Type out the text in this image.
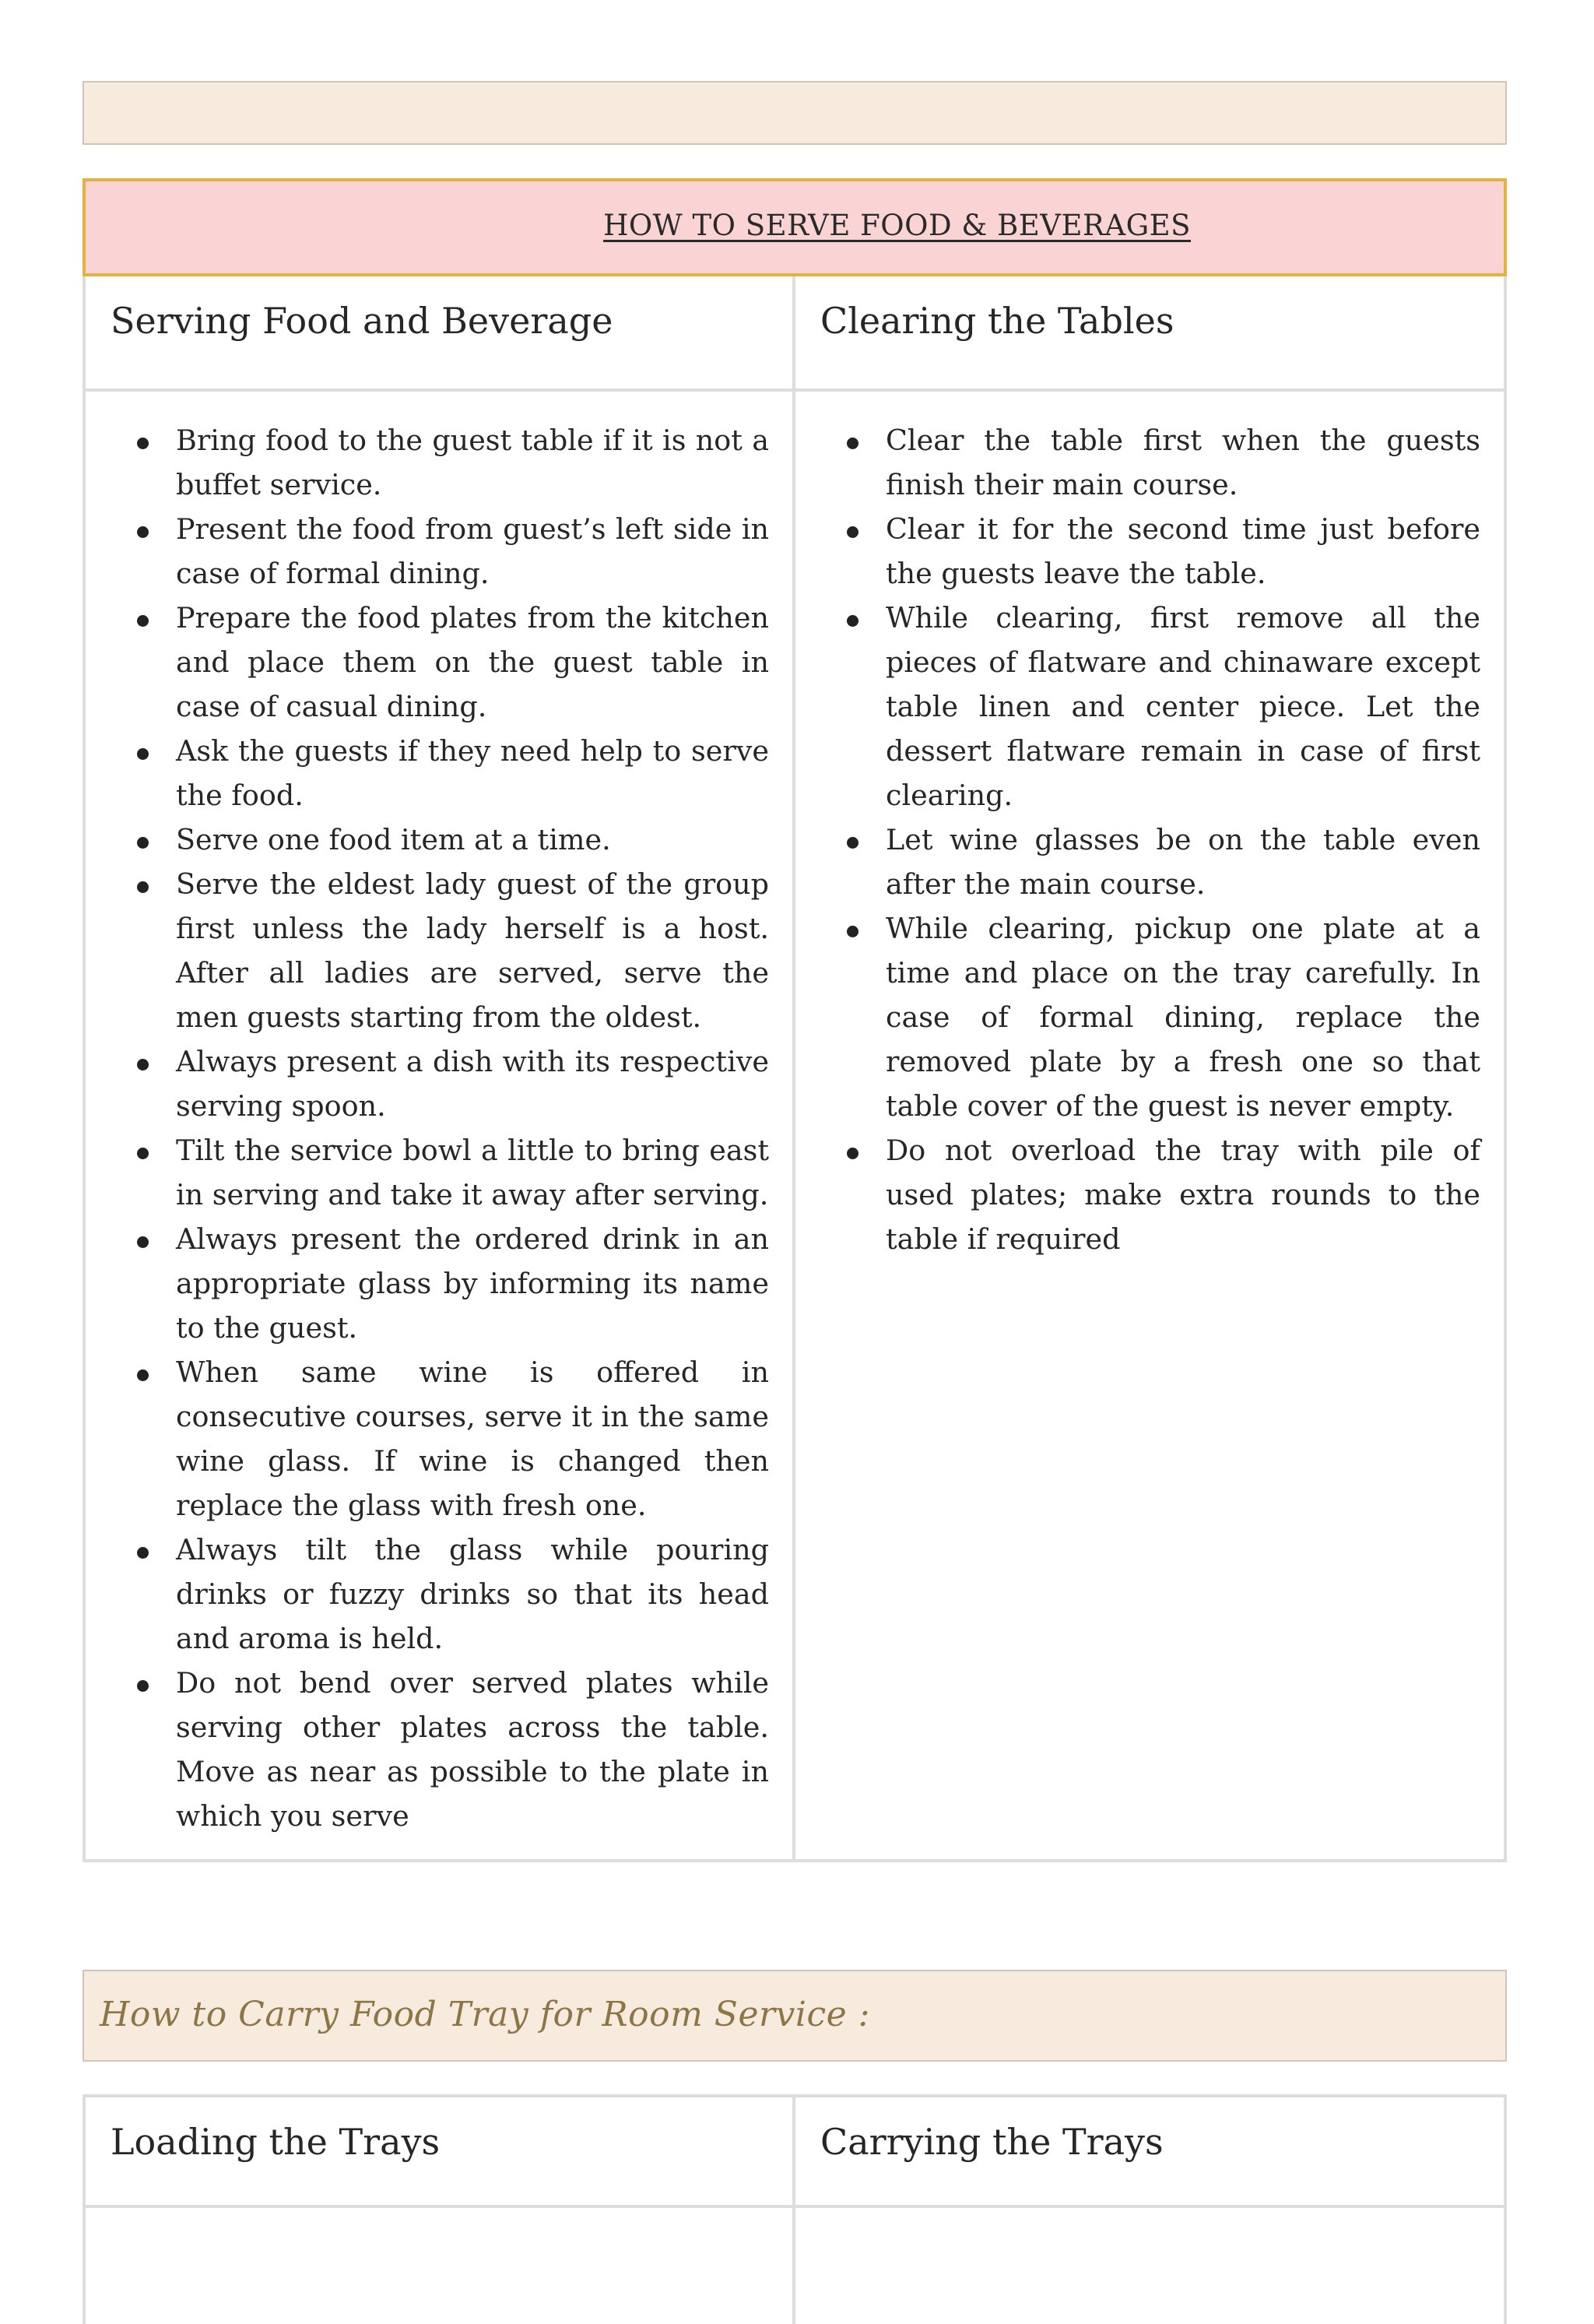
HOW TO SERVE FOOD & BEVERAGES
Serving Food and Beverage	Clearing the Tables
Bring food to the guest table if it is not a buffet service.
Present the food from guest’s left side in case of formal dining.
Prepare the food plates from the kitchen and place them on the guest table in case of casual dining.
Ask the guests if they need help to serve the food.
Serve one food item at a time.
Serve the eldest lady guest of the group first unless the lady herself is a host. After all ladies are served, serve the men guests starting from the oldest.
Always present a dish with its respective serving spoon.
Tilt the service bowl a little to bring east in serving and take it away after serving.
Always present the ordered drink in an appropriate glass by informing its name to the guest.
When same wine is offered in consecutive courses, serve it in the same wine glass. If wine is changed then replace the glass with fresh one.
Always tilt the glass while pouring drinks or fuzzy drinks so that its head and aroma is held.
Do not bend over served plates while serving other plates across the table. Move as near as possible to the plate in which you serve
Clear the table first when the guests finish their main course.
Clear it for the second time just before the guests leave the table.
While clearing, first remove all the pieces of flatware and chinaware except table linen and center piece. Let the dessert flatware remain in case of first clearing.
Let wine glasses be on the table even after the main course.
While clearing, pickup one plate at a time and place on the tray carefully. In case of formal dining, replace the removed plate by a fresh one so that table cover of the guest is never empty.
Do not overload the tray with pile of used plates; make extra rounds to the table if required
How to Carry Food Tray for Room Service :
Loading the Trays	Carrying the Trays
